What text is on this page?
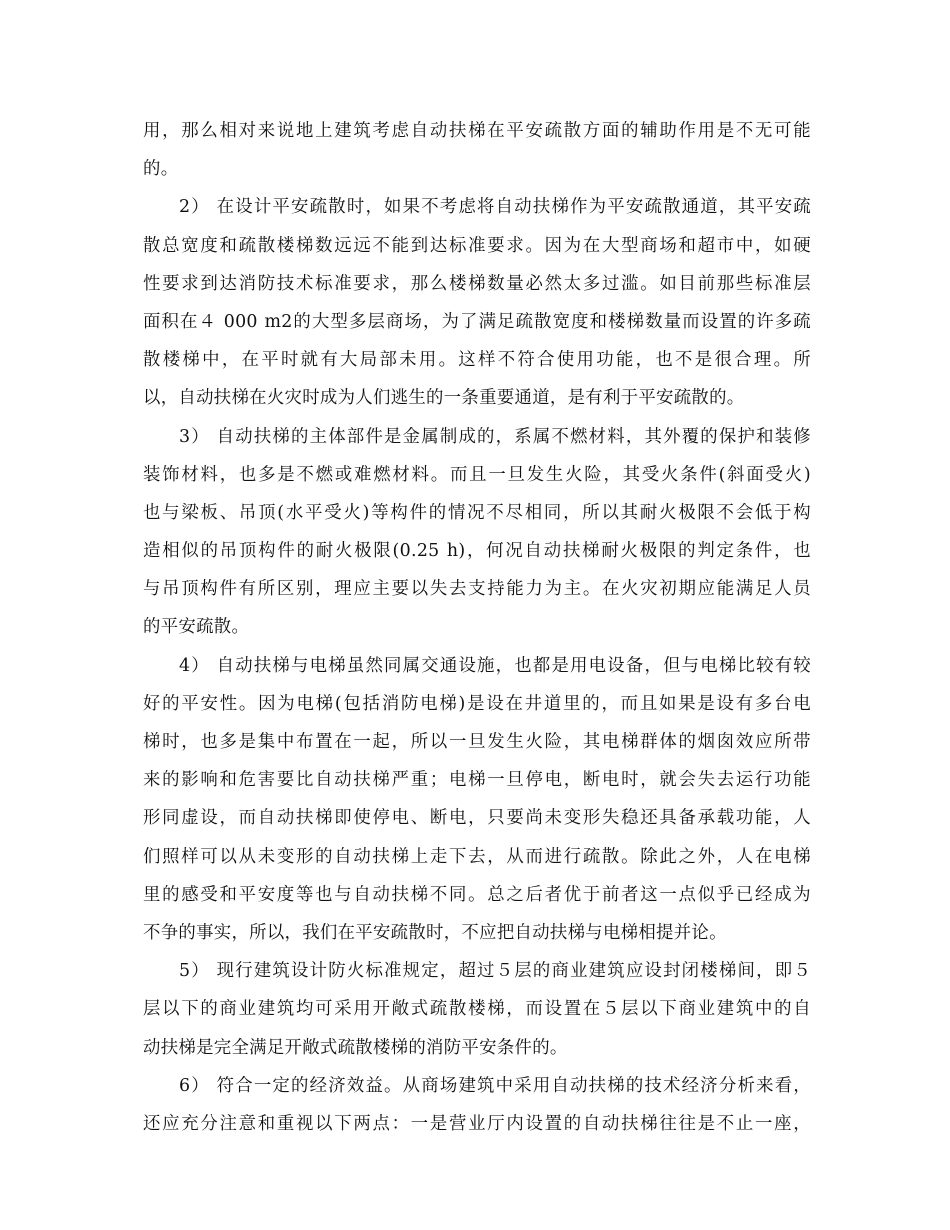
用，那么相对来说地上建筑考虑自动扶梯在平安疏散方面的辅助作用是不无可能
的。
2） 在设计平安疏散时，如果不考虑将自动扶梯作为平安疏散通道，其平安疏
散总宽度和疏散楼梯数远远不能到达标准要求。因为在大型商场和超市中，如硬
性要求到达消防技术标准要求，那么楼梯数量必然太多过滥。如目前那些标准层
面积在４ 000 m2的大型多层商场，为了满足疏散宽度和楼梯数量而设置的许多疏
散楼梯中，在平时就有大局部未用。这样不符合使用功能，也不是很合理。所
以，自动扶梯在火灾时成为人们逃生的一条重要通道，是有利于平安疏散的。
3） 自动扶梯的主体部件是金属制成的，系属不燃材料，其外覆的保护和装修
装饰材料，也多是不燃或难燃材料。而且一旦发生火险，其受火条件(斜面受火)
也与梁板、吊顶(水平受火)等构件的情况不尽相同，所以其耐火极限不会低于构
造相似的吊顶构件的耐火极限(0.25 h)，何况自动扶梯耐火极限的判定条件，也
与吊顶构件有所区别，理应主要以失去支持能力为主。在火灾初期应能满足人员
的平安疏散。
4） 自动扶梯与电梯虽然同属交通设施，也都是用电设备，但与电梯比较有较
好的平安性。因为电梯(包括消防电梯)是设在井道里的，而且如果是设有多台电
梯时，也多是集中布置在一起，所以一旦发生火险，其电梯群体的烟囱效应所带
来的影响和危害要比自动扶梯严重；电梯一旦停电，断电时，就会失去运行功能
形同虚设，而自动扶梯即使停电、断电，只要尚未变形失稳还具备承载功能，人
们照样可以从未变形的自动扶梯上走下去，从而进行疏散。除此之外，人在电梯
里的感受和平安度等也与自动扶梯不同。总之后者优于前者这一点似乎已经成为
不争的事实，所以，我们在平安疏散时，不应把自动扶梯与电梯相提并论。
5） 现行建筑设计防火标准规定，超过５层的商业建筑应设封闭楼梯间，即５
层以下的商业建筑均可采用开敞式疏散楼梯，而设置在５层以下商业建筑中的自
动扶梯是完全满足开敞式疏散楼梯的消防平安条件的。
6） 符合一定的经济效益。从商场建筑中采用自动扶梯的技术经济分析来看，
还应充分注意和重视以下两点：一是营业厅内设置的自动扶梯往往是不止一座，
